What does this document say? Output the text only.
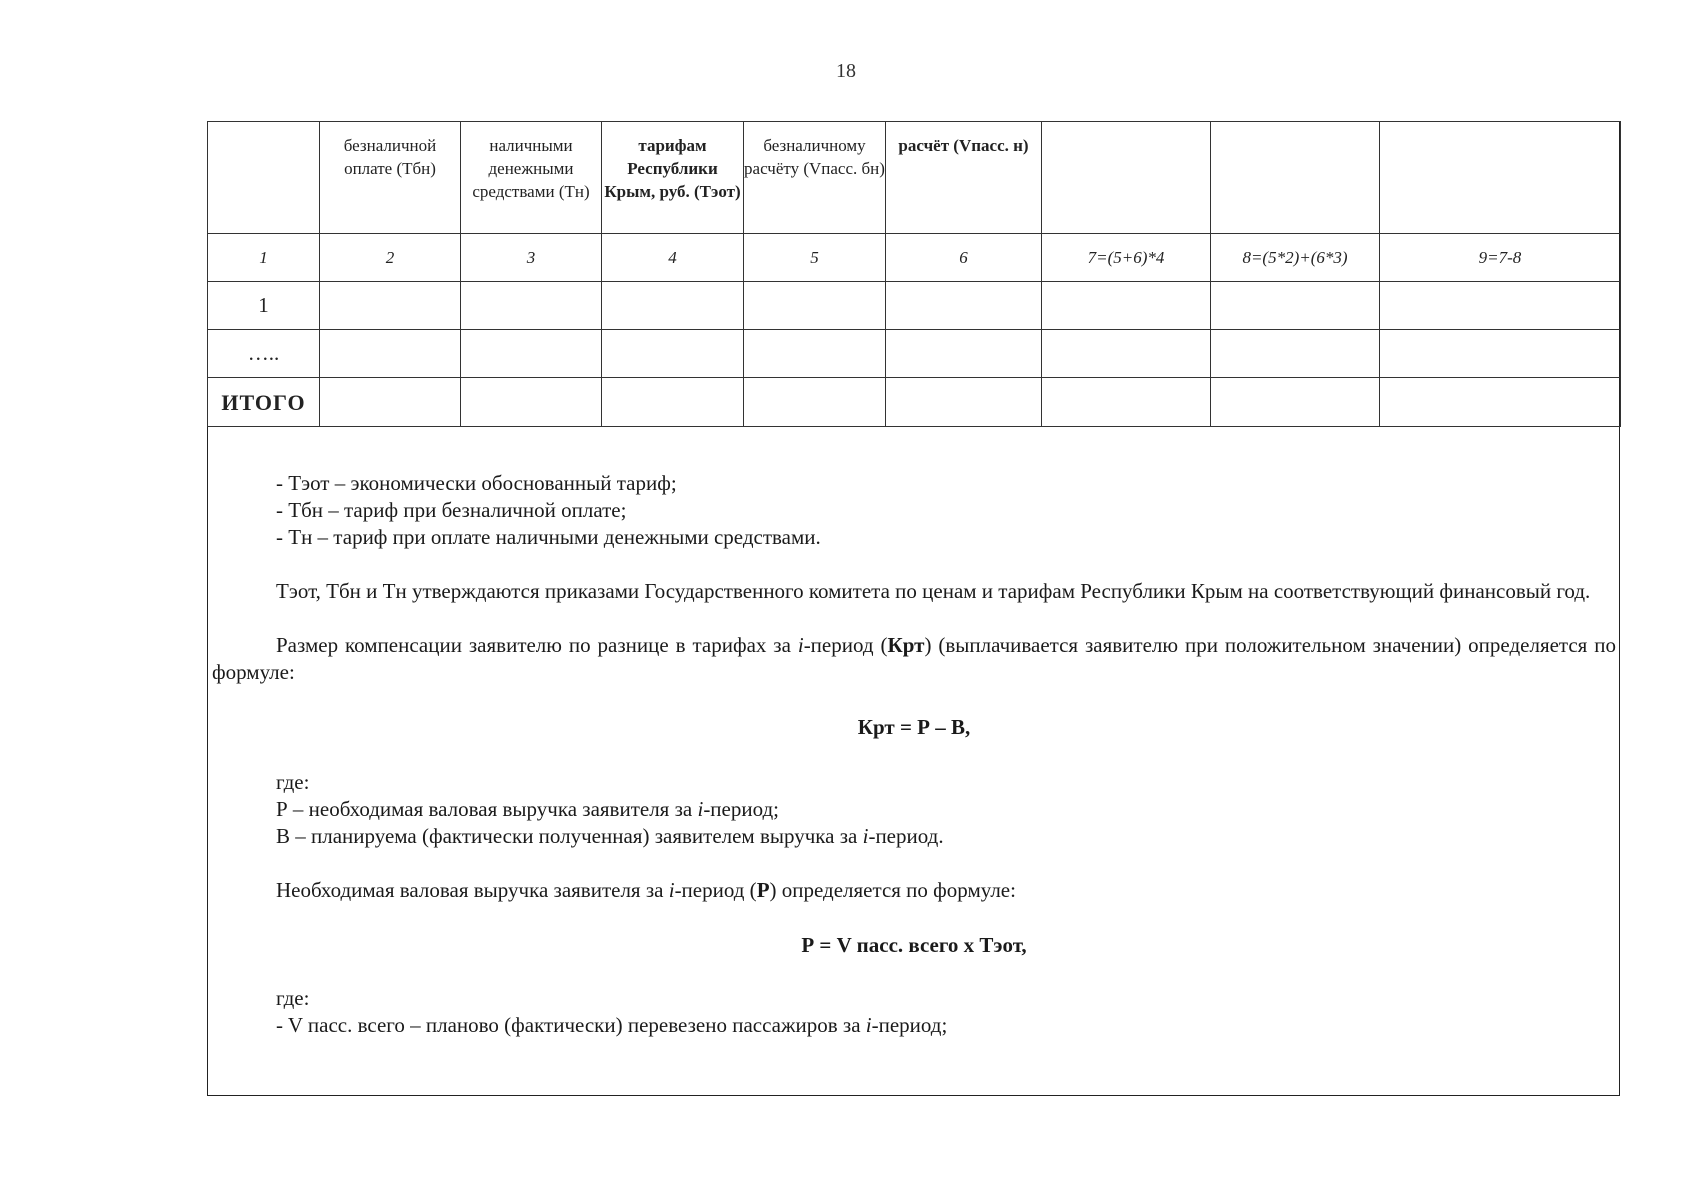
18
	безналичной оплате (Тбн)	наличными денежными средствами (Тн)	тарифам Республики Крым, руб. (Тэот)	безналичному расчёту (Vпасс. бн)	расчёт (Vпасс. н)			
1	2	3	4	5	6	7=(5+6)*4	8=(5*2)+(6*3)	9=7-8
1								
…..								
ИТОГО								

- Тэот – экономически обоснованный тариф;

- Тбн – тариф при безналичной оплате;

- Тн – тариф при оплате наличными денежными средствами.

Тэот, Тбн и Тн утверждаются приказами Государственного комитета по ценам и тарифам Республики Крым на соответствующий финансовый год.

Размер компенсации заявителю по разнице в тарифах за i-период (Крт) (выплачивается заявителю при положительном значении) определяется по формуле:

Крт = Р – В,

где:

Р – необходимая валовая выручка заявителя за i-период;

В – планируема (фактически полученная) заявителем выручка за i-период.

Необходимая валовая выручка заявителя за i-период (Р) определяется по формуле:

Р = V пасс. всего х Тэот,

где:

- V пасс. всего – планово (фактически) перевезено пассажиров за i-период;
